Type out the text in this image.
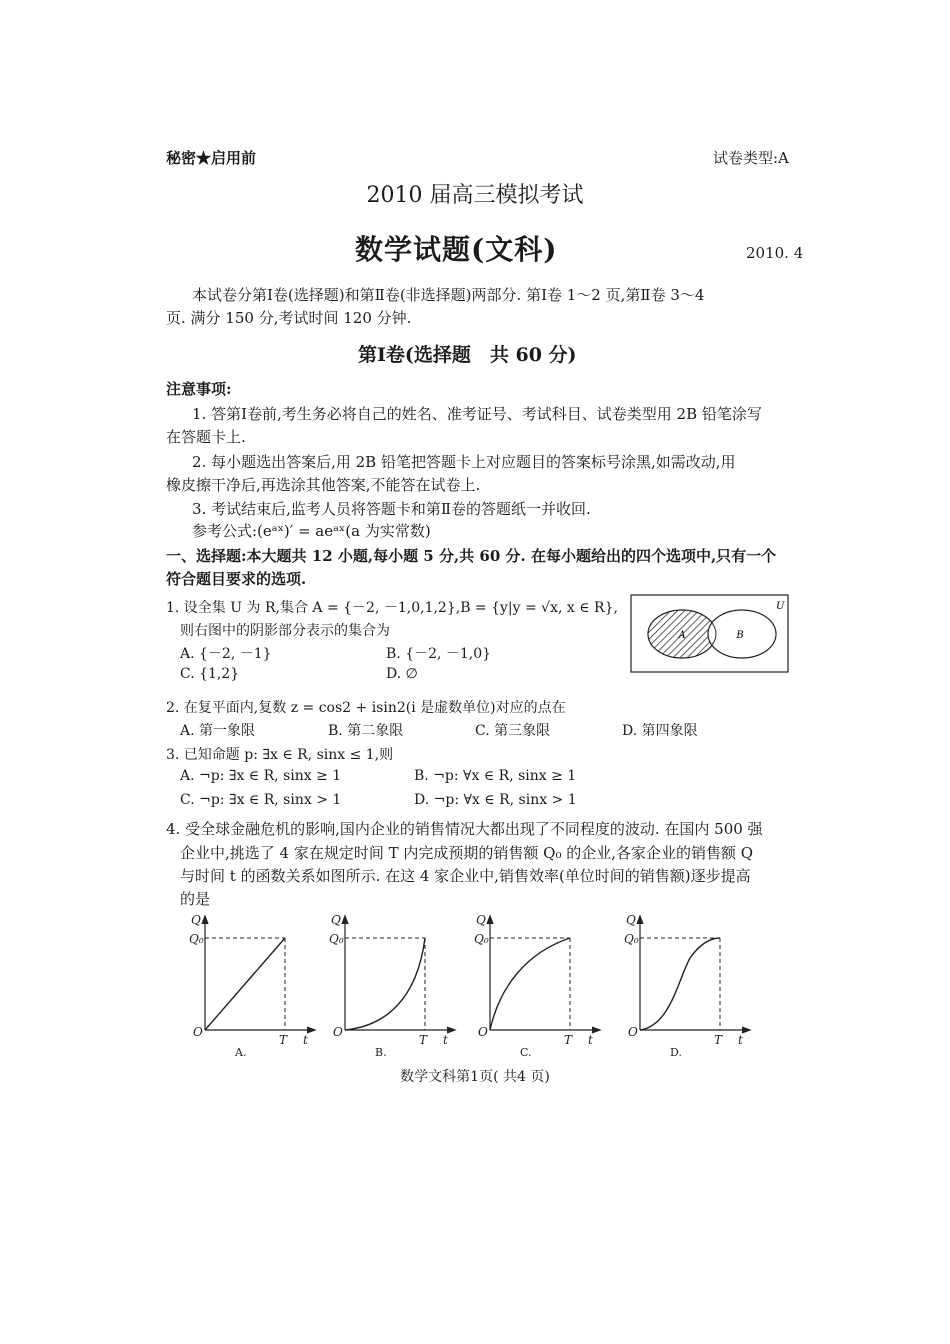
秘密★启用前	试卷类型:A
2010 届高三模拟考试
数学试题(文科)	2010. 4
本试卷分第Ⅰ卷(选择题)和第Ⅱ卷(非选择题)两部分. 第Ⅰ卷 1～2 页,第Ⅱ卷 3～4
页. 满分 150 分,考试时间 120 分钟.
第Ⅰ卷(选择题　共 60 分)
注意事项:
1. 答第Ⅰ卷前,考生务必将自己的姓名、准考证号、考试科目、试卷类型用 2B 铅笔涂写
在答题卡上.
2. 每小题选出答案后,用 2B 铅笔把答题卡上对应题目的答案标号涂黑,如需改动,用
橡皮擦干净后,再选涂其他答案,不能答在试卷上.
3. 考试结束后,监考人员将答题卡和第Ⅱ卷的答题纸一并收回.
参考公式:(eᵃˣ)′ = aeᵃˣ(a 为实常数)
一、选择题:本大题共 12 小题,每小题 5 分,共 60 分. 在每小题给出的四个选项中,只有一个
符合题目要求的选项.
1. 设全集 U 为 R,集合 A = {－2, －1,0,1,2},B = {y|y = √x, x ∈ R},
则右图中的阴影部分表示的集合为
A. {－2, －1}	B. {－2, －1,0}
C. {1,2}	D. ∅
U
A	B
2. 在复平面内,复数 z = cos2 + isin2(i 是虚数单位)对应的点在
A. 第一象限	B. 第二象限	C. 第三象限	D. 第四象限
3. 已知命题 p: ∃x ∈ R, sinx ≤ 1,则
A. ¬p: ∃x ∈ R, sinx ≥ 1	B. ¬p: ∀x ∈ R, sinx ≥ 1
C. ¬p: ∃x ∈ R, sinx > 1	D. ¬p: ∀x ∈ R, sinx > 1
4. 受全球金融危机的影响,国内企业的销售情况大都出现了不同程度的波动. 在国内 500 强
企业中,挑选了 4 家在规定时间 T 内完成预期的销售额 Q₀ 的企业,各家企业的销售额 Q
与时间 t 的函数关系如图所示. 在这 4 家企业中,销售效率(单位时间的销售额)逐步提高
的是
Q
Q₀
O
T t
A.
Q
Q₀
O
T t
B.
Q
Q₀
O
T t
C.
Q
Q₀
O
T t
D.
数学文科第1页( 共4 页)
